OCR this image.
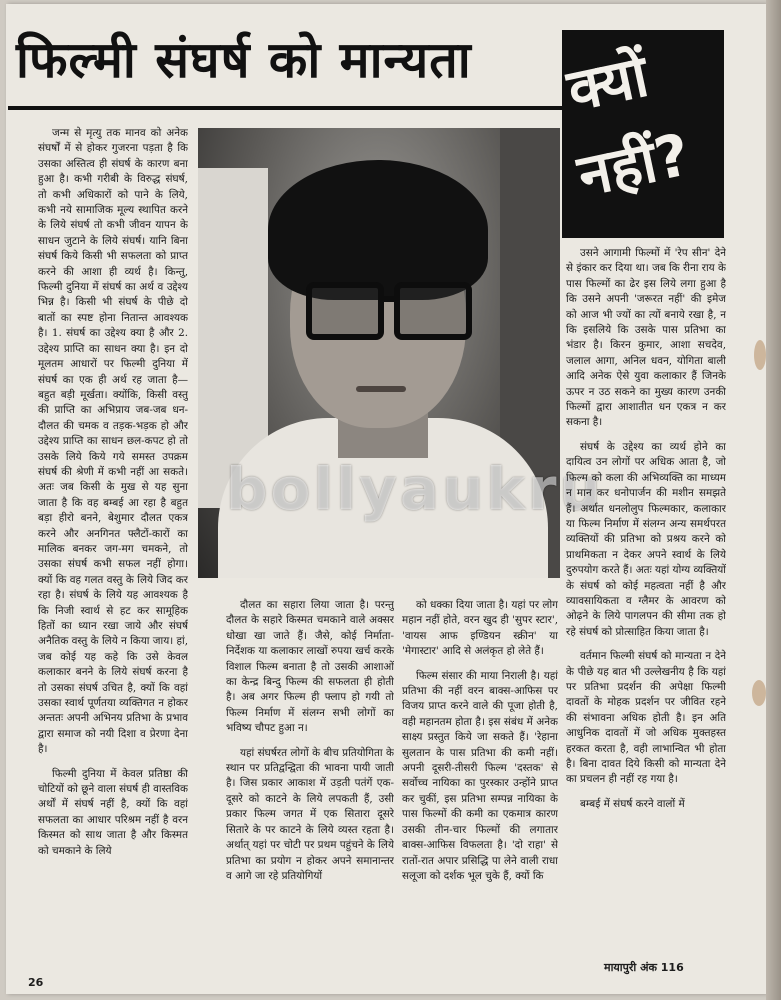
फिल्मी संघर्ष को मान्यता	क्यों
नहीं?
bollyaukru

जन्म से मृत्यु तक मानव को अनेक संघर्षों में से होकर गुजरना पड़ता है कि उसका अस्तित्व ही संघर्ष के कारण बना हुआ है। कभी गरीबी के विरुद्ध संघर्ष, तो कभी अधिकारों को पाने के लिये, कभी नये सामाजिक मूल्य स्थापित करने के लिये संघर्ष तो कभी जीवन यापन के साधन जुटाने के लिये संघर्ष। यानि बिना संघर्ष किये किसी भी सफलता को प्राप्त करने की आशा ही व्यर्थ है। किन्तु, फिल्मी दुनिया में संघर्ष का अर्थ व उद्देश्य भिन्न है। किसी भी संघर्ष के पीछे दो बातों का स्पष्ट होना नितान्त आवश्यक है। 1. संघर्ष का उद्देश्य क्या है और 2. उद्देश्य प्राप्ति का साधन क्या है। इन दो मूलतम आधारों पर फिल्मी दुनिया में संघर्ष का एक ही अर्थ रह जाता है—बहुत बड़ी मूर्खता। क्योंकि, किसी वस्तु की प्राप्ति का अभिप्राय जब-जब धन-दौलत की चमक व तड़क-भड़क हो और उद्देश्य प्राप्ति का साधन छल-कपट हो तो उसके लिये किये गये समस्त उपक्रम संघर्ष की श्रेणी में कभी नहीं आ सकते। अतः जब किसी के मुख से यह सुना जाता है कि वह बम्बई आ रहा है बहुत बड़ा हीरो बनने, बेशुमार दौलत एकत्र करने और अनगिनत फ्लैटों-कारों का मालिक बनकर जग-मग चमकने, तो उसका संघर्ष कभी सफल नहीं होगा। क्यों कि वह गलत वस्तु के लिये जिद कर रहा है। संघर्ष के लिये यह आवश्यक है कि निजी स्वार्थ से हट कर सामूहिक हितों का ध्यान रखा जाये और संघर्ष अनैतिक वस्तु के लिये न किया जाय। हां, जब कोई यह कहे कि उसे केवल कलाकार बनने के लिये संघर्ष करना है तो उसका संघर्ष उचित है, क्यों कि वहां उसका स्वार्थ पूर्णतया व्यक्तिगत न होकर अन्ततः अपनी अभिनय प्रतिभा के प्रभाव द्वारा समाज को नयी दिशा व प्रेरणा देना है।

फिल्मी दुनिया में केवल प्रतिष्ठा की चोटियों को छूने वाला संघर्ष ही वास्तविक अर्थों में संघर्ष नहीं है, क्यों कि वहां सफलता का आधार परिश्रम नहीं है वरन किस्मत को साथ जाता है और किस्मत को चमकाने के लिये

दौलत का सहारा लिया जाता है। परन्तु दौलत के सहारे किस्मत चमकाने वाले अक्सर धोखा खा जाते हैं। जैसे, कोई निर्माता-निर्देशक या कलाकार लाखों रुपया खर्च करके विशाल फिल्म बनाता है तो उसकी आशाओं का केन्द्र बिन्दु फिल्म की सफलता ही होती है। अब अगर फिल्म ही फ्लाप हो गयी तो फिल्म निर्माण में संलग्न सभी लोगों का भविष्य चौपट हुआ न।

यहां संघर्षरत लोगों के बीच प्रतियोगिता के स्थान पर प्रतिद्वन्द्विता की भावना पायी जाती है। जिस प्रकार आकाश में उड़ती पतंगें एक-दूसरे को काटने के लिये लपकती हैं, उसी प्रकार फिल्म जगत में एक सितारा दूसरे सितारे के पर काटने के लिये व्यस्त रहता है। अर्थात् यहां पर चोटी पर प्रथम पहुंचने के लिये प्रतिभा का प्रयोग न होकर अपने समानान्तर व आगे जा रहे प्रतियोगियों

को धक्का दिया जाता है। यहां पर लोग महान नहीं होते, वरन खुद ही 'सुपर स्टार', 'वायस आफ इण्डियन स्क्रीन' या 'मेगास्टार' आदि से अलंकृत हो लेते हैं।

फिल्म संसार की माया निराली है। यहां प्रतिभा की नहीं वरन बाक्स-आफिस पर विजय प्राप्त करने वाले की पूजा होती है, वही महानतम होता है। इस संबंध में अनेक साक्ष्य प्रस्तुत किये जा सकते हैं। 'रेहाना सुलतान के पास प्रतिभा की कमी नहीं। अपनी दूसरी-तीसरी फिल्म 'दस्तक' से सर्वोच्च नायिका का पुरस्कार उन्होंने प्राप्त कर चुकीं, इस प्रतिभा सम्पन्न नायिका के पास फिल्मों की कमी का एकमात्र कारण उसकी तीन-चार फिल्मों की लगातार बाक्स-आफिस विफलता है। 'दो राहा' से रातों-रात अपार प्रसिद्धि पा लेने वाली राधा सलूजा को दर्शक भूल चुके हैं, क्यों कि

उसने आगामी फिल्मों में 'रेप सीन' देने से इंकार कर दिया था। जब कि रीना राय के पास फिल्मों का ढेर इस लिये लगा हुआ है कि उसने अपनी 'जरूरत नहीं' की इमेज को आज भी ज्यों का त्यों बनाये रखा है, न कि इसलिये कि उसके पास प्रतिभा का भंडार है। किरन कुमार, आशा सचदेव, जलाल आगा, अनिल धवन, योगिता बाली आदि अनेक ऐसे युवा कलाकार हैं जिनके ऊपर न उठ सकने का मुख्य कारण उनकी फिल्मों द्वारा आशातीत धन एकत्र न कर सकना है।

संघर्ष के उद्देश्य का व्यर्थ होने का दायित्व उन लोगों पर अधिक आता है, जो फिल्म को कला की अभिव्यक्ति का माध्यम न मान कर धनोपार्जन की मशीन समझते हैं। अर्थात धनलोलुप फिल्मकार, कलाकार या फिल्म निर्माण में संलग्न अन्य समर्थपरत व्यक्तियों की प्रतिभा को प्रश्रय करने को प्राथमिकता न देकर अपने स्वार्थ के लिये दुरुपयोग करते हैं। अतः यहां योग्य व्यक्तियों के संघर्ष को कोई महत्वता नहीं है और व्यावसायिकता व ग्लैमर के आवरण को ओढ़ने के लिये पागलपन की सीमा तक हो रहे संघर्ष को प्रोत्साहित किया जाता है।

वर्तमान फिल्मी संघर्ष को मान्यता न देने के पीछे यह बात भी उल्लेखनीय है कि यहां पर प्रतिभा प्रदर्शन की अपेक्षा फिल्मी दावतों के मोहक प्रदर्शन पर जीवित रहने की संभावना अधिक होती है। इन अति आधुनिक दावतों में जो अधिक मुक्तहस्त हरकत करता है, वही लाभान्वित भी होता है। बिना दावत दिये किसी को मान्यता देने का प्रचलन ही नहीं रह गया है।

बम्बई में संघर्ष करने वालों में

26
मायापुरी अंक 116
